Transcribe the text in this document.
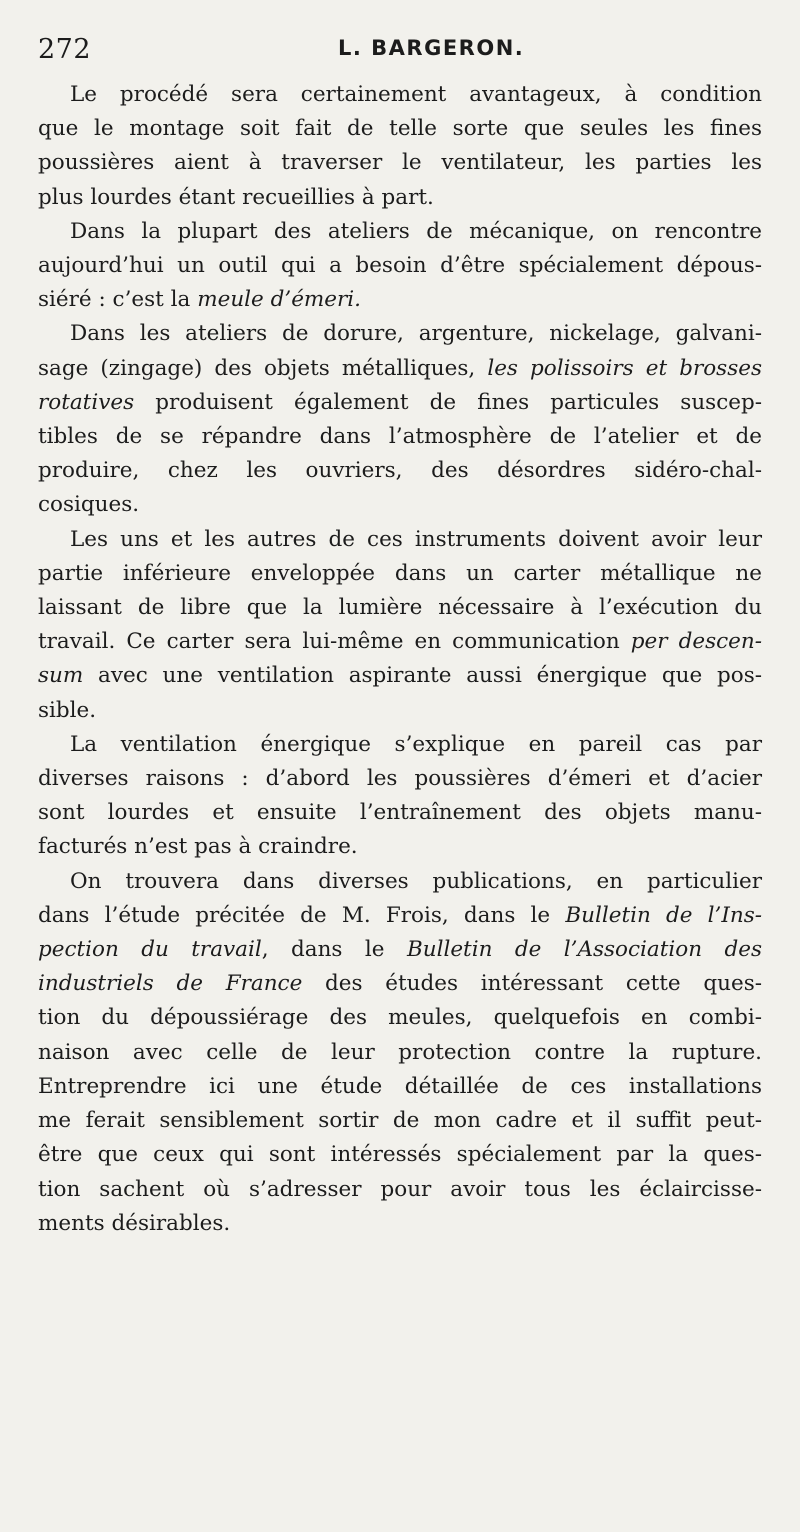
272	L. BARGERON.
Le procédé sera certainement avantageux, à condition
que le montage soit fait de telle sorte que seules les fines
poussières aient à traverser le ventilateur, les parties les
plus lourdes étant recueillies à part.
Dans la plupart des ateliers de mécanique, on rencontre
aujourd’hui un outil qui a besoin d’être spécialement dépous-
siéré : c’est la meule d’émeri.
Dans les ateliers de dorure, argenture, nickelage, galvani-
sage (zingage) des objets métalliques, les polissoirs et brosses
rotatives produisent également de fines particules suscep-
tibles de se répandre dans l’atmosphère de l’atelier et de
produire, chez les ouvriers, des désordres sidéro-chal-
cosiques.
Les uns et les autres de ces instruments doivent avoir leur
partie inférieure enveloppée dans un carter métallique ne
laissant de libre que la lumière nécessaire à l’exécution du
travail. Ce carter sera lui-même en communication per descen-
sum avec une ventilation aspirante aussi énergique que pos-
sible.
La ventilation énergique s’explique en pareil cas par
diverses raisons : d’abord les poussières d’émeri et d’acier
sont lourdes et ensuite l’entraînement des objets manu-
facturés n’est pas à craindre.
On trouvera dans diverses publications, en particulier
dans l’étude précitée de M. Frois, dans le Bulletin de l’Ins-
pection du travail, dans le Bulletin de l’Association des
industriels de France des études intéressant cette ques-
tion du dépoussiérage des meules, quelquefois en combi-
naison avec celle de leur protection contre la rupture.
Entreprendre ici une étude détaillée de ces installations
me ferait sensiblement sortir de mon cadre et il suffit peut-
être que ceux qui sont intéressés spécialement par la ques-
tion sachent où s’adresser pour avoir tous les éclaircisse-
ments désirables.
